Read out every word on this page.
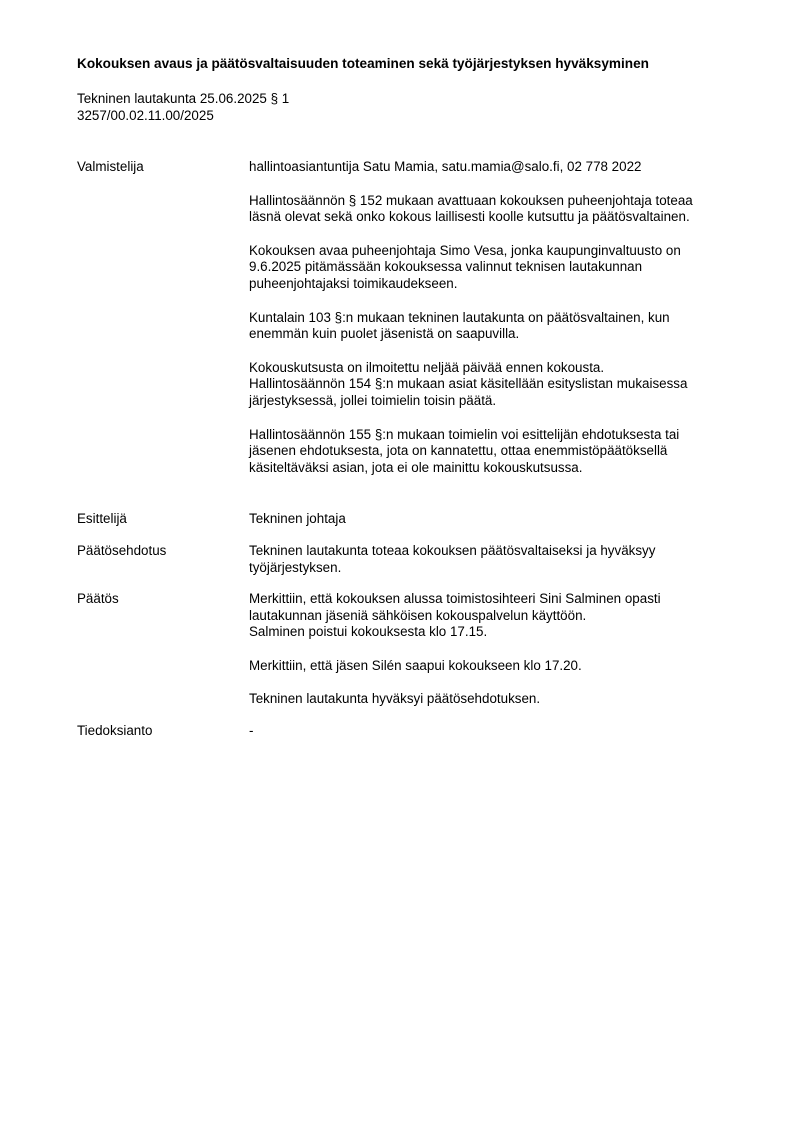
Kokouksen avaus ja päätösvaltaisuuden toteaminen sekä työjärjestyksen hyväksyminen
Tekninen lautakunta 25.06.2025 § 1
3257/00.02.11.00/2025
Valmistelija	hallintoasiantuntija Satu Mamia, satu.mamia@salo.fi, 02 778 2022

Hallintosäännön § 152 mukaan avattuaan kokouksen puheenjohtaja toteaa
läsnä olevat sekä onko kokous laillisesti koolle kutsuttu ja päätösvaltainen.

Kokouksen avaa puheenjohtaja Simo Vesa, jonka kaupunginvaltuusto on
9.6.2025 pitämässään kokouksessa valinnut teknisen lautakunnan
puheenjohtajaksi toimikaudekseen.

Kuntalain 103 §:n mukaan tekninen lautakunta on päätösvaltainen, kun
enemmän kuin puolet jäsenistä on saapuvilla.

Kokouskutsusta on ilmoitettu neljää päivää ennen kokousta.
Hallintosäännön 154 §:n mukaan asiat käsitellään esityslistan mukaisessa
järjestyksessä, jollei toimielin toisin päätä.

Hallintosäännön 155 §:n mukaan toimielin voi esittelijän ehdotuksesta tai
jäsenen ehdotuksesta, jota on kannatettu, ottaa enemmistöpäätöksellä
käsiteltäväksi asian, jota ei ole mainittu kokouskutsussa.

Esittelijä	Tekninen johtaja

Päätösehdotus	Tekninen lautakunta toteaa kokouksen päätösvaltaiseksi ja hyväksyy
työjärjestyksen.

Päätös	Merkittiin, että kokouksen alussa toimistosihteeri Sini Salminen opasti
lautakunnan jäseniä sähköisen kokouspalvelun käyttöön.
Salminen poistui kokouksesta klo 17.15.

Merkittiin, että jäsen Silén saapui kokoukseen klo 17.20.

Tekninen lautakunta hyväksyi päätösehdotuksen.

Tiedoksianto	-
